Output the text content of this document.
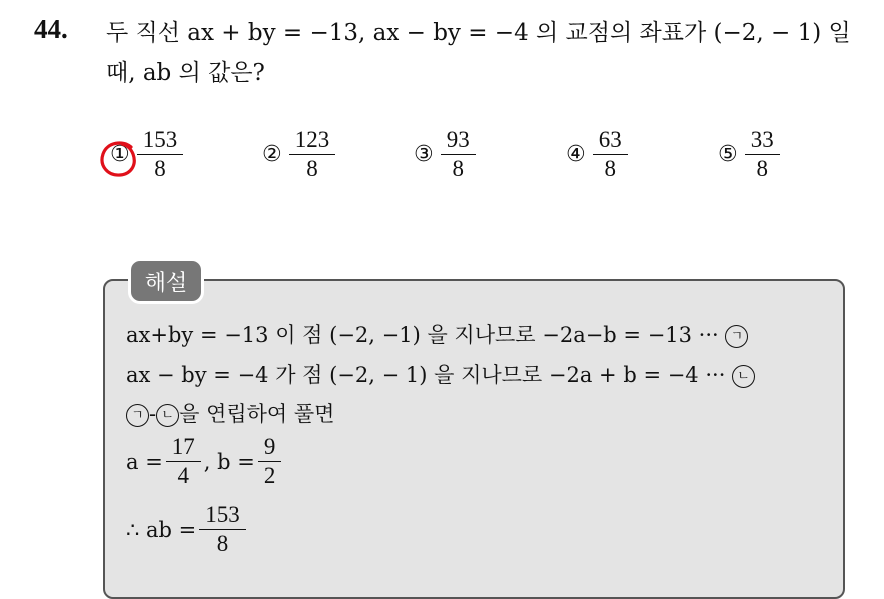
44. 두 직선 ax + by = −13, ax − by = −4 의 교점의 좌표가 (−2, − 1) 일
때, ab 의 값은?
① $\frac{153}{8}$	② $\frac{123}{8}$	③ $\frac{93}{8}$	④ $\frac{63}{8}$	⑤ $\frac{33}{8}$
해설
ax+by = −13 이 점 (−2, −1) 을 지나므로 −2a−b = −13 ··· ㄱ
ax − by = −4 가 점 (−2, − 1) 을 지나므로 −2a + b = −4 ··· ㄴ
ㄱ - ㄴ 을 연립하여 풀면
$a = \frac{17}{4}$ , $b = \frac{9}{2}$
∴ ab = $\frac{153}{8}$
